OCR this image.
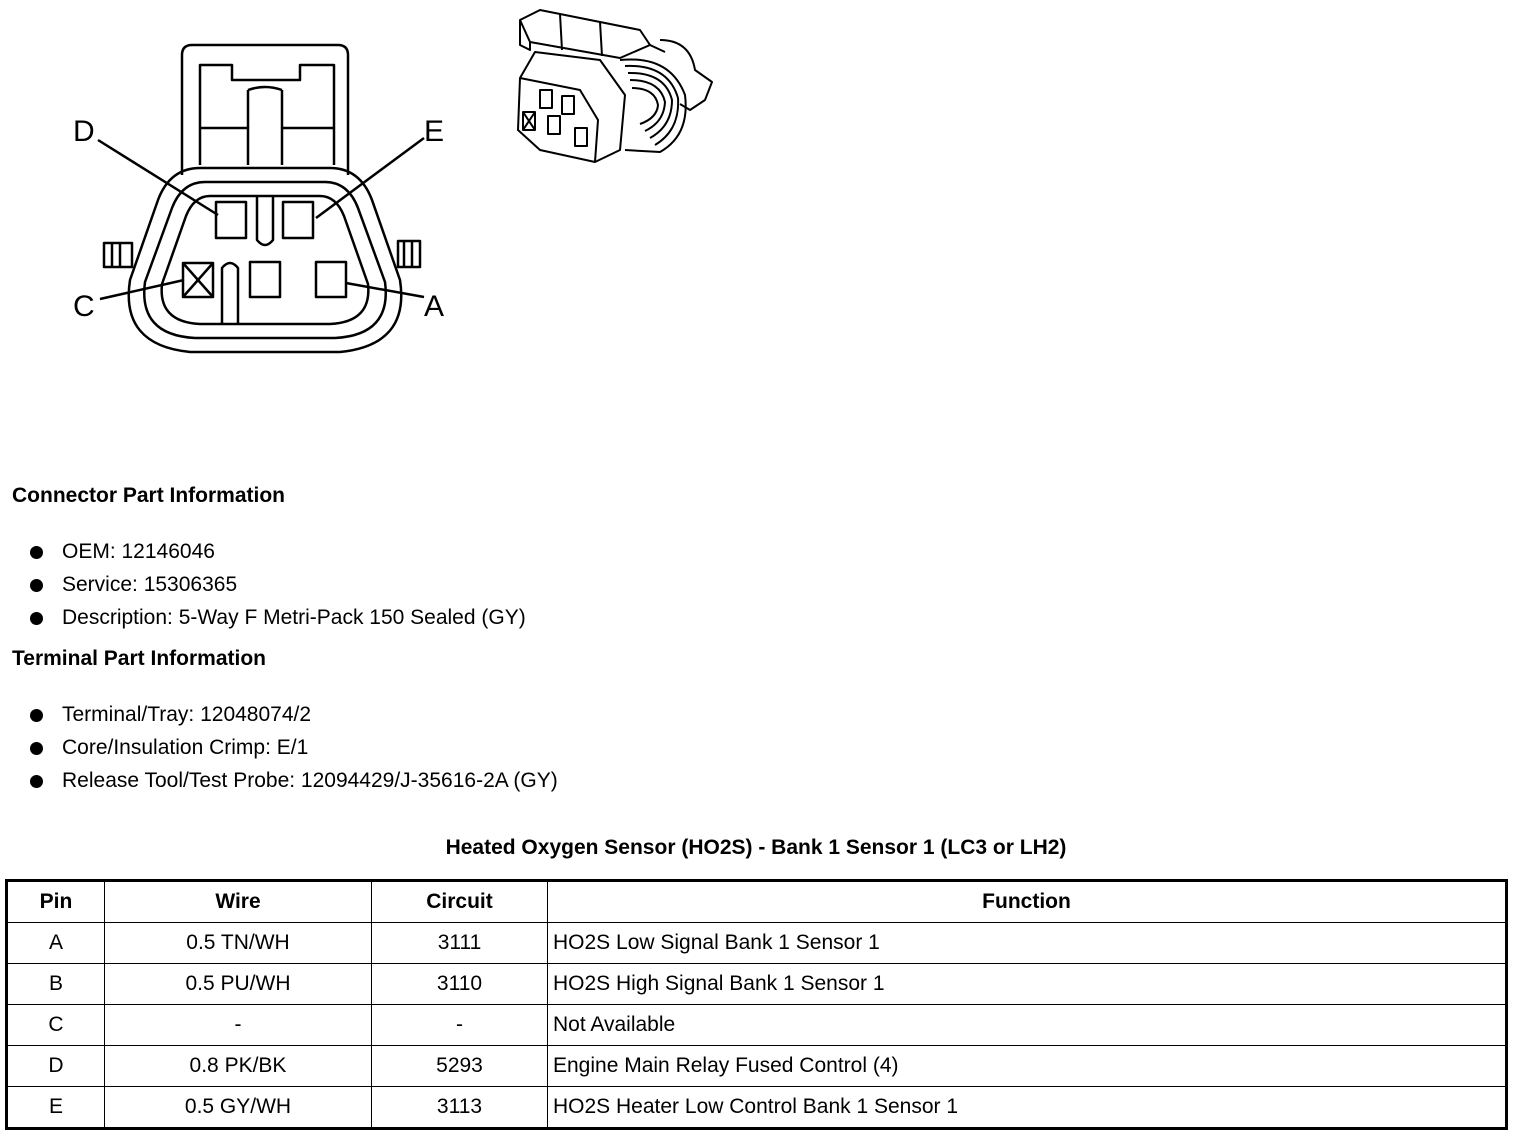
D	E
C	A
Connector Part Information
OEM: 12146046
Service: 15306365
Description: 5-Way F Metri-Pack 150 Sealed (GY)
Terminal Part Information
Terminal/Tray: 12048074/2
Core/Insulation Crimp: E/1
Release Tool/Test Probe: 12094429/J-35616-2A (GY)
Heated Oxygen Sensor (HO2S) - Bank 1 Sensor 1 (LC3 or LH2)
Pin	Wire	Circuit	Function
A	0.5 TN/WH	3111	HO2S Low Signal Bank 1 Sensor 1
B	0.5 PU/WH	3110	HO2S High Signal Bank 1 Sensor 1
C	-	-	Not Available
D	0.8 PK/BK	5293	Engine Main Relay Fused Control (4)
E	0.5 GY/WH	3113	HO2S Heater Low Control Bank 1 Sensor 1
